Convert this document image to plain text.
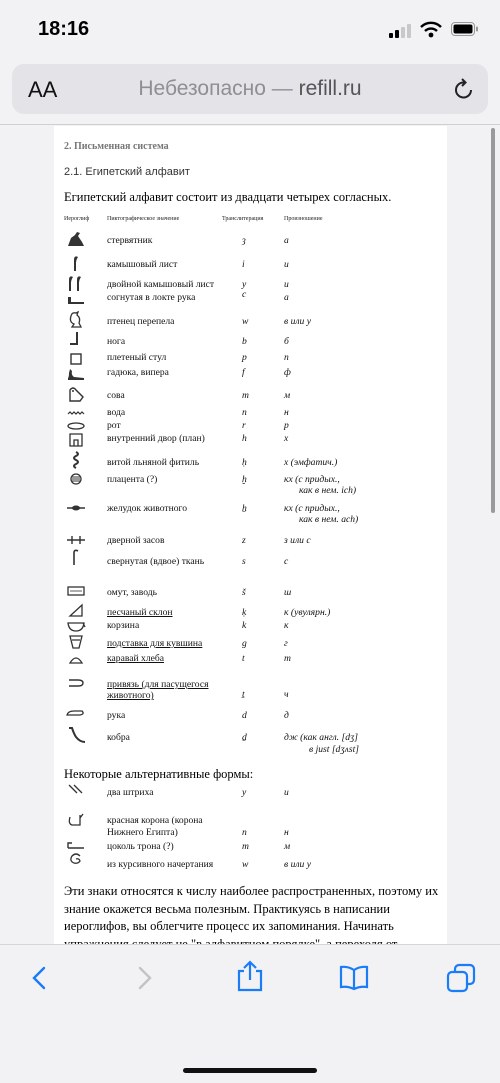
18:16
AA	Небезопасно — refill.ru
2. Письменная система
2.1. Египетский алфавит
Египетский алфавит состоит из двадцати четырех согласных.
Иероглиф	Пиктографическое значение	Транслитерация	Произношение
стервятник	ȝ	а
камышовый лист	i	и
двойной камышовый лист	y	и
согнутая в локте рука	c	а
птенец перепела	w	в или у
нога	b	б
плетеный стул	p	п
гадюка, випера	f	ф
сова	m	м
вода	n	н
рот	r	р
внутренний двор (план)	h	х
витой льняной фитиль	ḥ	х (эмфатич.)
плацента (?)	ḫ	кх (с придых.,
как в нем. ich)
желудок животного	ẖ	кх (с придых.,
как в нем. ach)
дверной засов	z	з или с
свернутая (вдвое) ткань	s	с
омут, заводь	š	ш
песчаный склон	ḳ	к (увулярн.)
корзина	k	к
подставка для кувшина	g	г
каравай хлеба	t	т
привязь (для пасущегося
животного)	ṯ	ч
рука	d	д
кобра	ḏ	дж (как англ. [dʒ]
в just [dʒʌst]
Некоторые альтернативные формы:
два штриха	y	и
красная корона (корона
Нижнего Египта)	n	н
цоколь трона (?)	m	м
из курсивного начертания	w	в или у
Эти знаки относятся к числу наиболее распространенных, поэтому их знание окажется весьма полезным. Практикуясь в написании иероглифов, вы облегчите процесс их запоминания. Начинать
